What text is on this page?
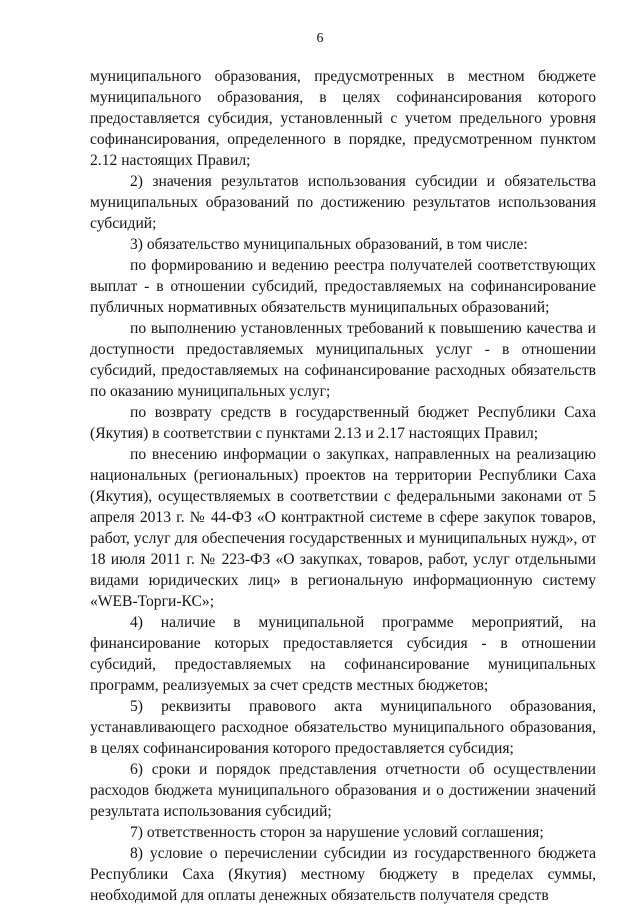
6

муниципального образования, предусмотренных в местном бюджете муниципального образования, в целях софинансирования которого предоставляется субсидия, установленный с учетом предельного уровня софинансирования, определенного в порядке, предусмотренном пунктом 2.12 настоящих Правил;

2) значения результатов использования субсидии и обязательства муниципальных образований по достижению результатов использования субсидий;

3) обязательство муниципальных образований, в том числе:

по формированию и ведению реестра получателей соответствующих выплат - в отношении субсидий, предоставляемых на софинансирование публичных нормативных обязательств муниципальных образований;

по выполнению установленных требований к повышению качества и доступности предоставляемых муниципальных услуг - в отношении субсидий, предоставляемых на софинансирование расходных обязательств по оказанию муниципальных услуг;

по возврату средств в государственный бюджет Республики Саха (Якутия) в соответствии с пунктами 2.13 и 2.17 настоящих Правил;

по внесению информации о закупках, направленных на реализацию национальных (региональных) проектов на территории Республики Саха (Якутия), осуществляемых в соответствии с федеральными законами от 5 апреля 2013 г. № 44-ФЗ «О контрактной системе в сфере закупок товаров, работ, услуг для обеспечения государственных и муниципальных нужд», от 18 июля 2011 г. № 223-ФЗ «О закупках, товаров, работ, услуг отдельными видами юридических лиц» в региональную информационную систему «WEB-Торги-КС»;

4) наличие в муниципальной программе мероприятий, на финансирование которых предоставляется субсидия - в отношении субсидий, предоставляемых на софинансирование муниципальных программ, реализуемых за счет средств местных бюджетов;

5) реквизиты правового акта муниципального образования, устанавливающего расходное обязательство муниципального образования, в целях софинансирования которого предоставляется субсидия;

6) сроки и порядок представления отчетности об осуществлении расходов бюджета муниципального образования и о достижении значений результата использования субсидий;

7) ответственность сторон за нарушение условий соглашения;

8) условие о перечислении субсидии из государственного бюджета Республики Саха (Якутия) местному бюджету в пределах суммы, необходимой для оплаты денежных обязательств получателя средств
